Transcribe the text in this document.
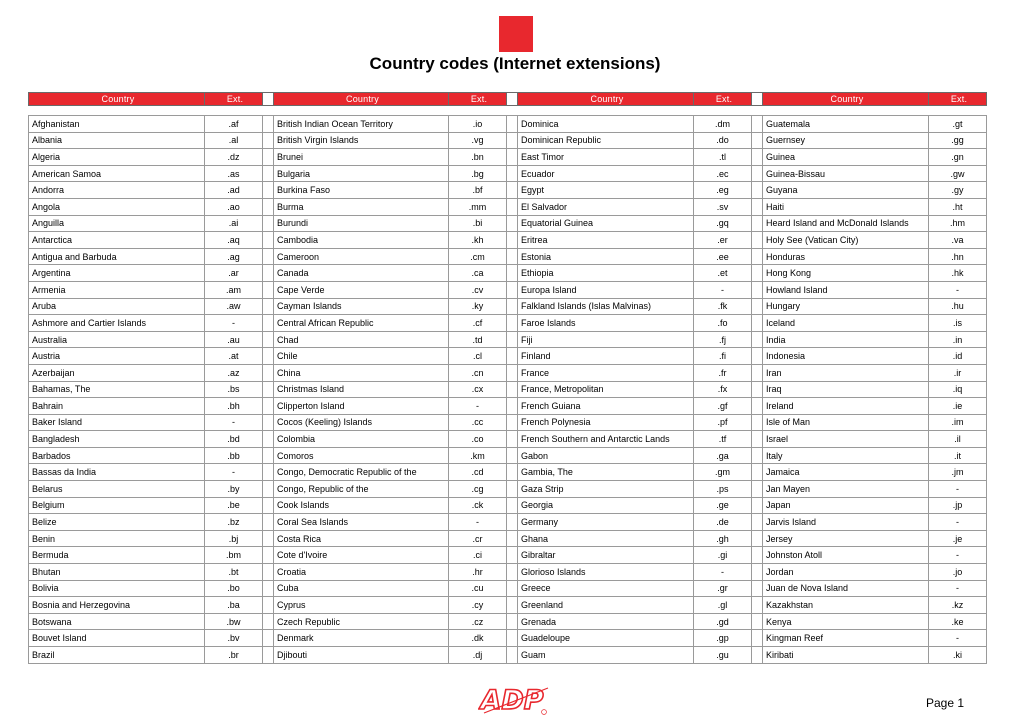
Country codes (Internet extensions)
Country	Ext.		Country	Ext.		Country	Ext.		Country	Ext.

Afghanistan	.af		British Indian Ocean Territory	.io		Dominica	.dm		Guatemala	.gt
Albania	.al		British Virgin Islands	.vg		Dominican Republic	.do		Guernsey	.gg
Algeria	.dz		Brunei	.bn		East Timor	.tl		Guinea	.gn
American Samoa	.as		Bulgaria	.bg		Ecuador	.ec		Guinea-Bissau	.gw
Andorra	.ad		Burkina Faso	.bf		Egypt	.eg		Guyana	.gy
Angola	.ao		Burma	.mm		El Salvador	.sv		Haiti	.ht
Anguilla	.ai		Burundi	.bi		Equatorial Guinea	.gq		Heard Island and McDonald Islands	.hm
Antarctica	.aq		Cambodia	.kh		Eritrea	.er		Holy See (Vatican City)	.va
Antigua and Barbuda	.ag		Cameroon	.cm		Estonia	.ee		Honduras	.hn
Argentina	.ar		Canada	.ca		Ethiopia	.et		Hong Kong	.hk
Armenia	.am		Cape Verde	.cv		Europa Island	-		Howland Island	-
Aruba	.aw		Cayman Islands	.ky		Falkland Islands (Islas Malvinas)	.fk		Hungary	.hu
Ashmore and Cartier Islands	-		Central African Republic	.cf		Faroe Islands	.fo		Iceland	.is
Australia	.au		Chad	.td		Fiji	.fj		India	.in
Austria	.at		Chile	.cl		Finland	.fi		Indonesia	.id
Azerbaijan	.az		China	.cn		France	.fr		Iran	.ir
Bahamas, The	.bs		Christmas Island	.cx		France, Metropolitan	.fx		Iraq	.iq
Bahrain	.bh		Clipperton Island	-		French Guiana	.gf		Ireland	.ie
Baker Island	-		Cocos (Keeling) Islands	.cc		French Polynesia	.pf		Isle of Man	.im
Bangladesh	.bd		Colombia	.co		French Southern and Antarctic Lands	.tf		Israel	.il
Barbados	.bb		Comoros	.km		Gabon	.ga		Italy	.it
Bassas da India	-		Congo, Democratic Republic of the	.cd		Gambia, The	.gm		Jamaica	.jm
Belarus	.by		Congo, Republic of the	.cg		Gaza Strip	.ps		Jan Mayen	-
Belgium	.be		Cook Islands	.ck		Georgia	.ge		Japan	.jp
Belize	.bz		Coral Sea Islands	-		Germany	.de		Jarvis Island	-
Benin	.bj		Costa Rica	.cr		Ghana	.gh		Jersey	.je
Bermuda	.bm		Cote d'Ivoire	.ci		Gibraltar	.gi		Johnston Atoll	-
Bhutan	.bt		Croatia	.hr		Glorioso Islands	-		Jordan	.jo
Bolivia	.bo		Cuba	.cu		Greece	.gr		Juan de Nova Island	-
Bosnia and Herzegovina	.ba		Cyprus	.cy		Greenland	.gl		Kazakhstan	.kz
Botswana	.bw		Czech Republic	.cz		Grenada	.gd		Kenya	.ke
Bouvet Island	.bv		Denmark	.dk		Guadeloupe	.gp		Kingman Reef	-
Brazil	.br		Djibouti	.dj		Guam	.gu		Kiribati	.ki
ADP	Page 1
